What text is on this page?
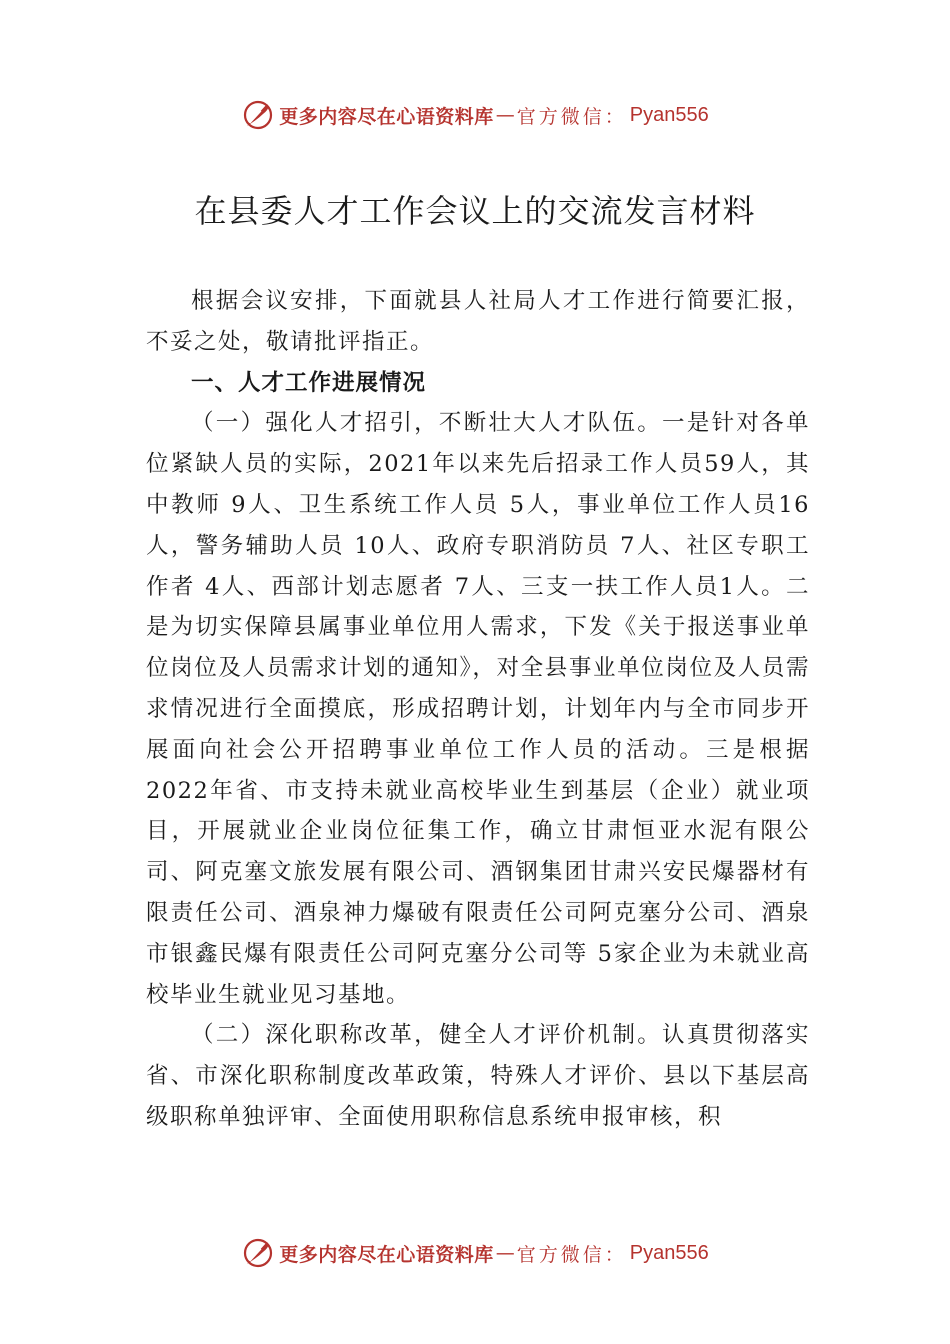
更多内容尽在心语资料库 — 官方微信 ： Pyan556
在县委人才工作会议上的交流发言材料

根据会议安排，下面就县人社局人才工作进行简要汇报，不妥之处，敬请批评指正。

一、人才工作进展情况

（一）强化人才招引，不断壮大人才队伍。一是针对各单位紧缺人员的实际，2021年以来先后招录工作人员59人，其中教师 9人、卫生系统工作人员 5人，事业单位工作人员16人，警务辅助人员 10人、政府专职消防员 7人、社区专职工作者 4人、西部计划志愿者 7人、三支一扶工作人员1人。二是为切实保障县属事业单位用人需求，下发《关于报送事业单位岗位及人员需求计划的通知》，对全县事业单位岗位及人员需求情况进行全面摸底，形成招聘计划，计划年内与全市同步开展面向社会公开招聘事业单位工作人员的活动。三是根据 2022年省、市支持未就业高校毕业生到基层（企业）就业项目，开展就业企业岗位征集工作，确立甘肃恒亚水泥有限公司、阿克塞文旅发展有限公司、酒钢集团甘肃兴安民爆器材有限责任公司、酒泉神力爆破有限责任公司阿克塞分公司、酒泉市银鑫民爆有限责任公司阿克塞分公司等 5家企业为未就业高校毕业生就业见习基地。

（二）深化职称改革，健全人才评价机制。认真贯彻落实省、市深化职称制度改革政策，特殊人才评价、县以下基层高级职称单独评审、全面使用职称信息系统申报审核，积

更多内容尽在心语资料库 — 官方微信 ： Pyan556
